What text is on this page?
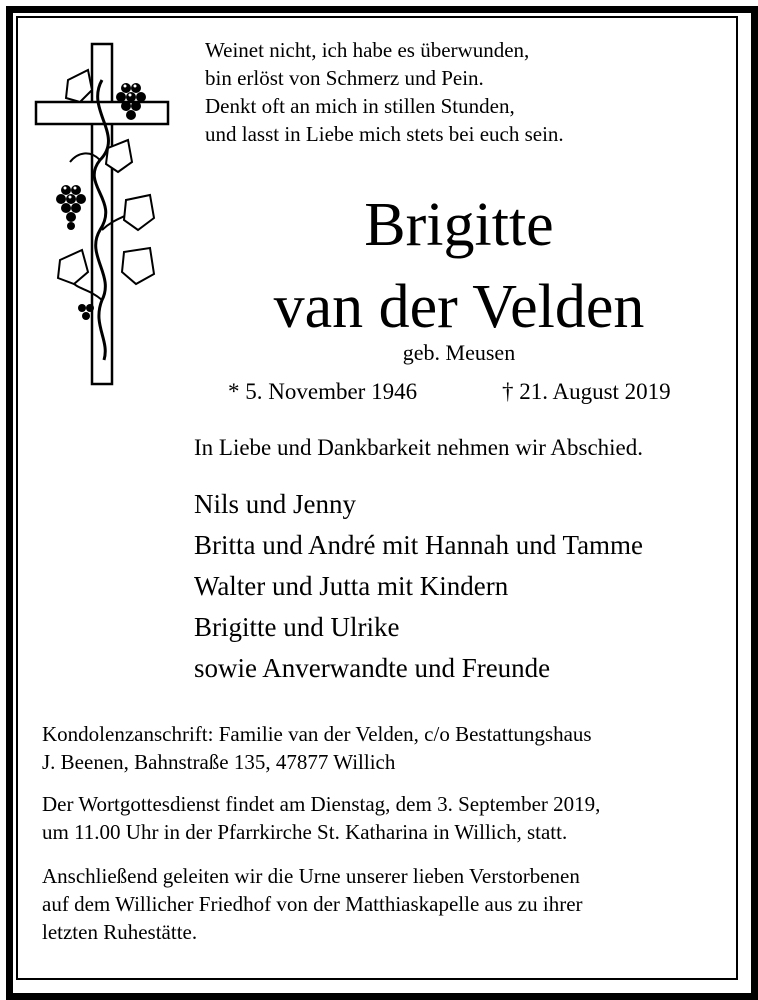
Weinet nicht, ich habe es überwunden,
bin erlöst von Schmerz und Pein.
Denkt oft an mich in stillen Stunden,
und lasst in Liebe mich stets bei euch sein.
Brigitte
van der Velden
geb. Meusen
* 5. November 1946	† 21. August 2019
In Liebe und Dankbarkeit nehmen wir Abschied.
Nils und Jenny
Britta und André mit Hannah und Tamme
Walter und Jutta mit Kindern
Brigitte und Ulrike
sowie Anverwandte und Freunde
Kondolenzanschrift: Familie van der Velden, c/o Bestattungshaus
J. Beenen, Bahnstraße 135, 47877 Willich
Der Wortgottesdienst findet am Dienstag, dem 3. September 2019,
um 11.00 Uhr in der Pfarrkirche St. Katharina in Willich, statt.
Anschließend geleiten wir die Urne unserer lieben Verstorbenen
auf dem Willicher Friedhof von der Matthiaskapelle aus zu ihrer
letzten Ruhestätte.
